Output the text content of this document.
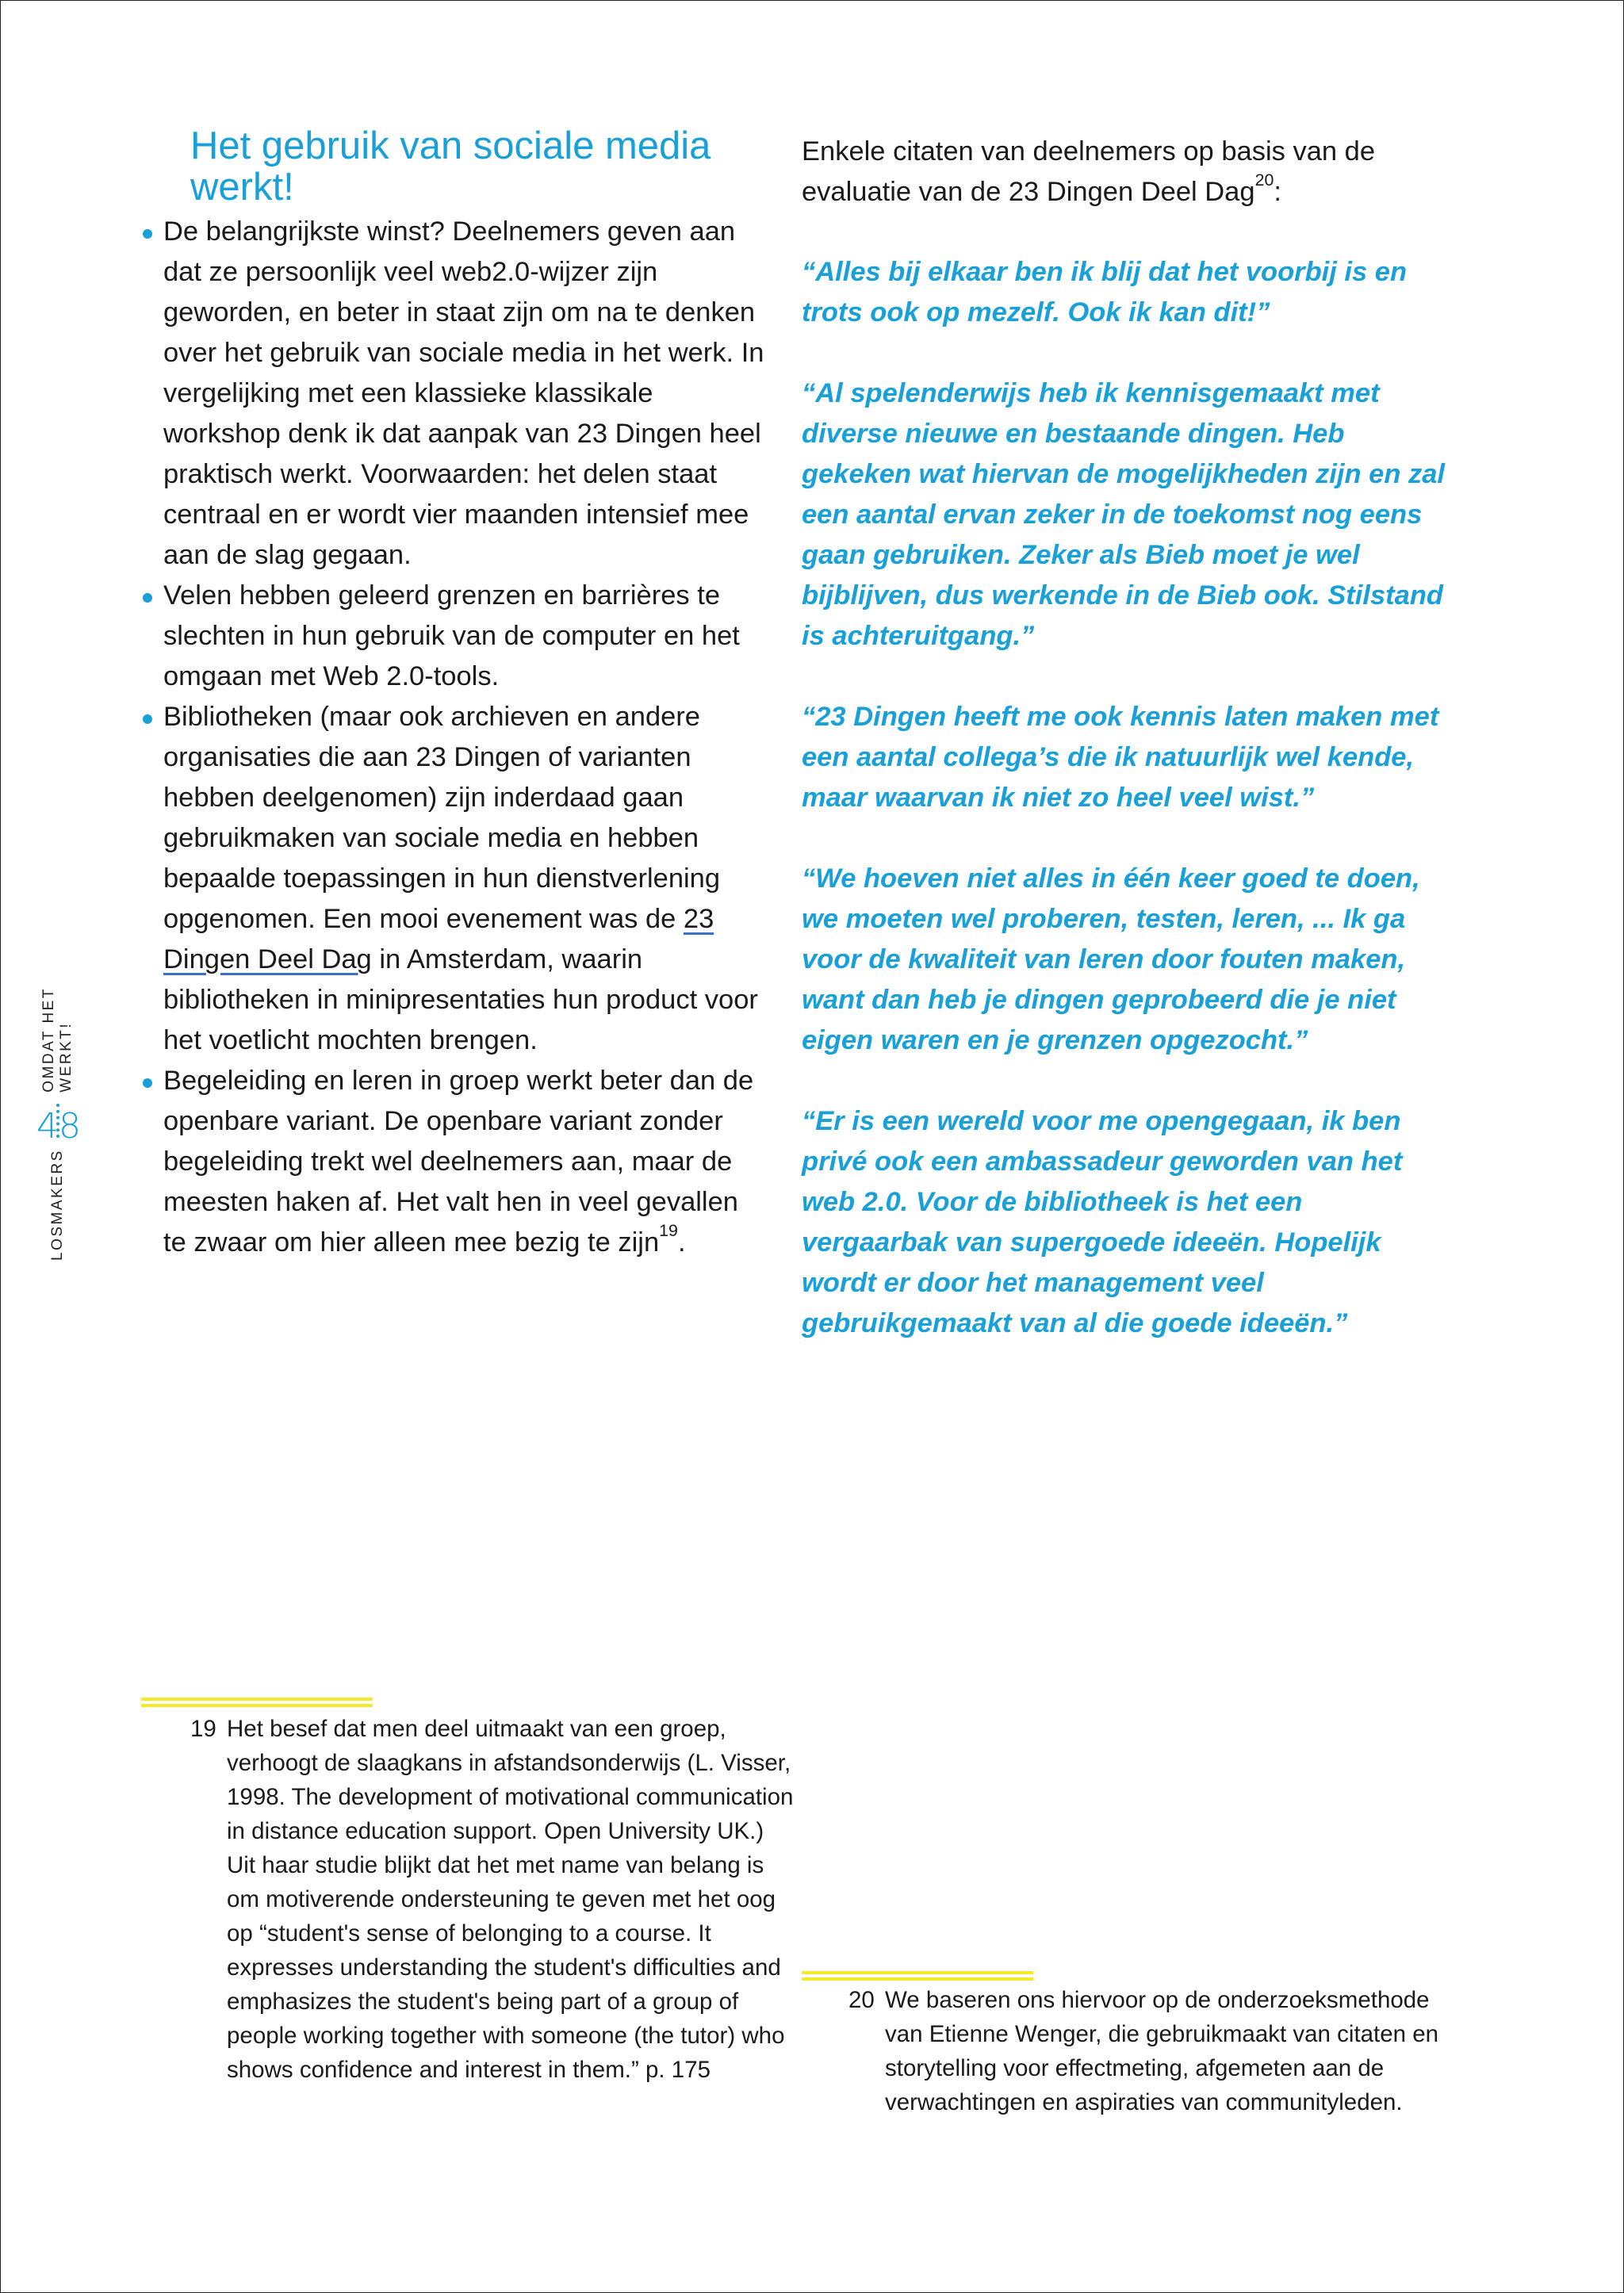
LOSMAKERS
OMDAT HET WERKT!
48
Het gebruik van sociale media werkt!
De belangrijkste winst? Deelnemers geven aan dat ze persoonlijk veel web2.0-wijzer zijn geworden, en beter in staat zijn om na te denken over het gebruik van sociale media in het werk. In vergelijking met een klassieke klassikale workshop denk ik dat aanpak van 23 Dingen heel praktisch werkt. Voorwaarden: het delen staat centraal en er wordt vier maanden intensief mee aan de slag gegaan.
Velen hebben geleerd grenzen en barrières te slechten in hun gebruik van de computer en het omgaan met Web 2.0-tools.
Bibliotheken (maar ook archieven en andere organisaties die aan 23 Dingen of varianten hebben deelgenomen) zijn inderdaad gaan gebruikmaken van sociale media en hebben bepaalde toepassingen in hun dienstverlening opgenomen. Een mooi evenement was de 23 Dingen Deel Dag in Amsterdam, waarin bibliotheken in minipresentaties hun product voor het voetlicht mochten brengen.
Begeleiding en leren in groep werkt beter dan de openbare variant. De openbare variant zonder begeleiding trekt wel deelnemers aan, maar de meesten haken af. Het valt hen in veel gevallen te zwaar om hier alleen mee bezig te zijn$^{19}$.

Enkele citaten van deelnemers op basis van de evaluatie van de 23 Dingen Deel Dag$^{20}$:

“Alles bij elkaar ben ik blij dat het voorbij is en trots ook op mezelf. Ook ik kan dit!”

“Al spelenderwijs heb ik kennisgemaakt met diverse nieuwe en bestaande dingen. Heb gekeken wat hiervan de mogelijkheden zijn en zal een aantal ervan zeker in de toekomst nog eens gaan gebruiken. Zeker als Bieb moet je wel bijblijven, dus werkende in de Bieb ook. Stilstand is achteruitgang.”

“23 Dingen heeft me ook kennis laten maken met een aantal collega’s die ik natuurlijk wel kende, maar waarvan ik niet zo heel veel wist.”

“We hoeven niet alles in één keer goed te doen, we moeten wel proberen, testen, leren, ... Ik ga voor de kwaliteit van leren door fouten maken, want dan heb je dingen geprobeerd die je niet eigen waren en je grenzen opgezocht.”

“Er is een wereld voor me opengegaan, ik ben privé ook een ambassadeur geworden van het web 2.0. Voor de bibliotheek is het een vergaarbak van supergoede ideeën. Hopelijk wordt er door het management veel gebruikgemaakt van al die goede ideeën.”

19 Het besef dat men deel uitmaakt van een groep, verhoogt de slaagkans in afstandsonderwijs (L. Visser, 1998. The development of motivational communication in distance education support. Open University UK.) Uit haar studie blijkt dat het met name van belang is om motiverende ondersteuning te geven met het oog op “student's sense of belonging to a course. It expresses understanding the student's difficulties and emphasizes the student's being part of a group of people working together with someone (the tutor) who shows confidence and interest in them.” p. 175

20 We baseren ons hiervoor op de onderzoeksmethode van Etienne Wenger, die gebruikmaakt van citaten en storytelling voor effectmeting, afgemeten aan de verwachtingen en aspiraties van communityleden.
